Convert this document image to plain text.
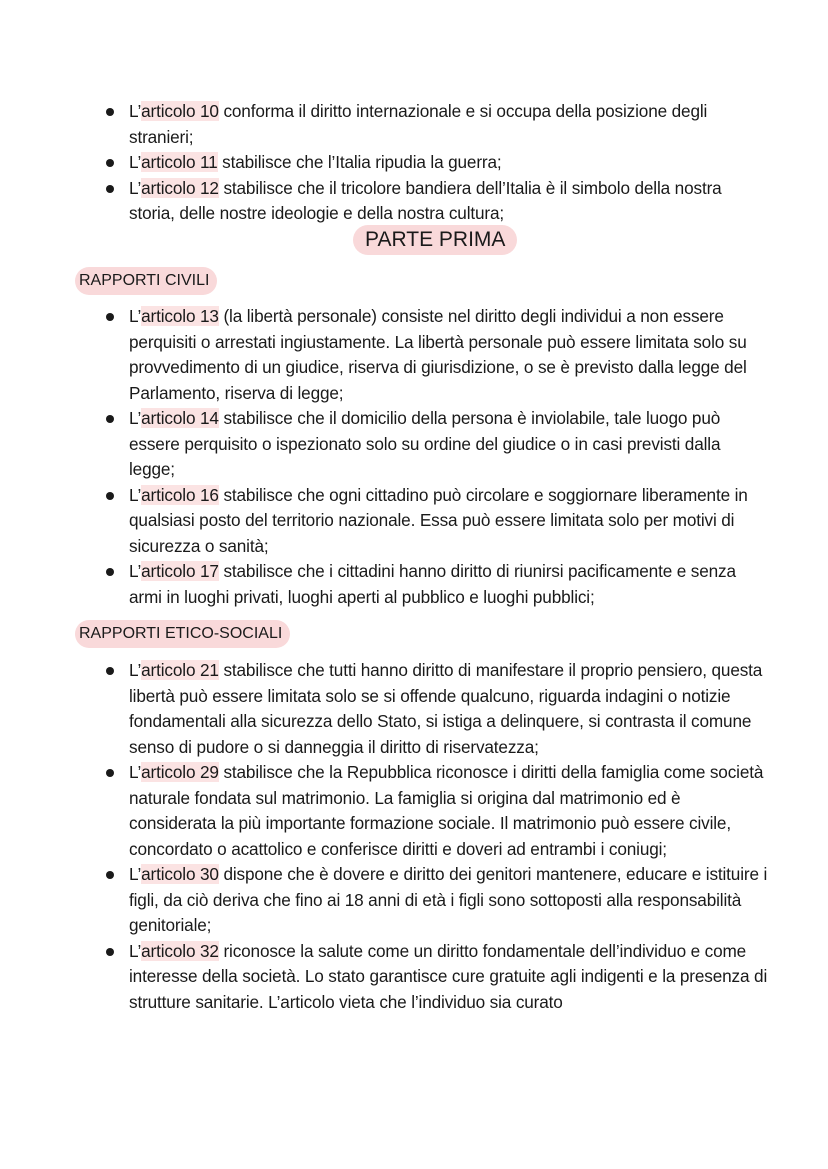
L’articolo 10 conforma il diritto internazionale e si occupa della posizione degli stranieri;
L’articolo 11 stabilisce che l’Italia ripudia la guerra;
L’articolo 12 stabilisce che il tricolore bandiera dell’Italia è il simbolo della nostra storia, delle nostre ideologie e della nostra cultura;
PARTE PRIMA
RAPPORTI CIVILI
L’articolo 13 (la libertà personale) consiste nel diritto degli individui a non essere perquisiti o arrestati ingiustamente. La libertà personale può essere limitata solo su provvedimento di un giudice, riserva di giurisdizione, o se è previsto dalla legge del Parlamento, riserva di legge;
L’articolo 14 stabilisce che il domicilio della persona è inviolabile, tale luogo può essere perquisito o ispezionato solo su ordine del giudice o in casi previsti dalla legge;
L’articolo 16 stabilisce che ogni cittadino può circolare e soggiornare liberamente in qualsiasi posto del territorio nazionale. Essa può essere limitata solo per motivi di sicurezza o sanità;
L’articolo 17 stabilisce che i cittadini hanno diritto di riunirsi pacificamente e senza armi in luoghi privati, luoghi aperti al pubblico e luoghi pubblici;
RAPPORTI ETICO-SOCIALI
L’articolo 21 stabilisce che tutti hanno diritto di manifestare il proprio pensiero, questa libertà può essere limitata solo se si offende qualcuno, riguarda indagini o notizie fondamentali alla sicurezza dello Stato, si istiga a delinquere, si contrasta il comune senso di pudore o si danneggia il diritto di riservatezza;
L’articolo 29 stabilisce che la Repubblica riconosce i diritti della famiglia come società naturale fondata sul matrimonio. La famiglia si origina dal matrimonio ed è considerata la più importante formazione sociale. Il matrimonio può essere civile, concordato o acattolico e conferisce diritti e doveri ad entrambi i coniugi;
L’articolo 30 dispone che è dovere e diritto dei genitori mantenere, educare e istituire i figli, da ciò deriva che fino ai 18 anni di età i figli sono sottoposti alla responsabilità genitoriale;
L’articolo 32 riconosce la salute come un diritto fondamentale dell’individuo e come interesse della società. Lo stato garantisce cure gratuite agli indigenti e la presenza di strutture sanitarie. L’articolo vieta che l’individuo sia curato
